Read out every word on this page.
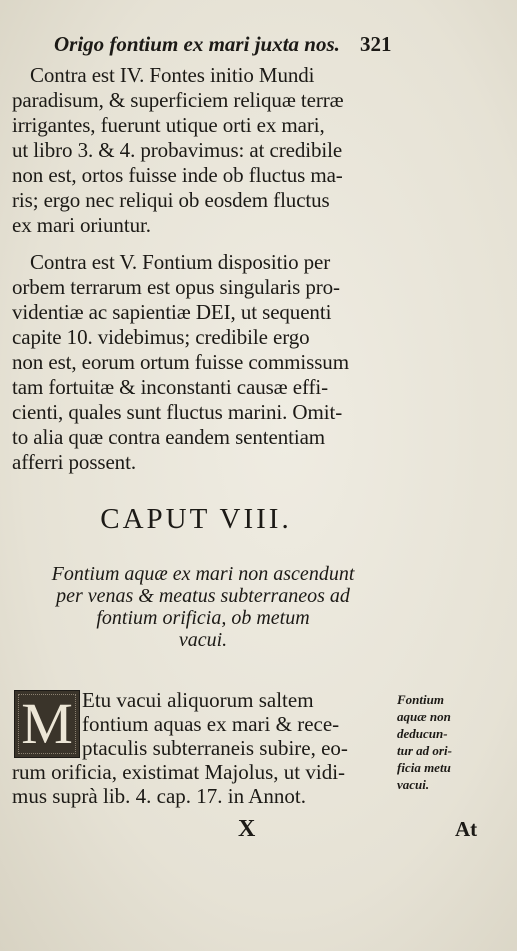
Origo fontium ex mari juxta nos. 321
Contra est IV. Fontes initio Mundi
paradisum, & superficiem reliquæ terræ
irrigantes, fuerunt utique orti ex mari,
ut libro 3. & 4. probavimus: at credibile
non est, ortos fuisse inde ob fluctus ma-
ris; ergo nec reliqui ob eosdem fluctus
ex mari oriuntur.
Contra est V. Fontium dispositio per
orbem terrarum est opus singularis pro-
videntiæ ac sapientiæ DEI, ut sequenti
capite 10. videbimus; credibile ergo
non est, eorum ortum fuisse commissum
tam fortuitæ & inconstanti causæ effi-
cienti, quales sunt fluctus marini. Omit-
to alia quæ contra eandem sententiam
afferri possent.
CAPUT VIII.
Fontium aquæ ex mari non ascendunt
per venas & meatus subterraneos ad
fontium orificia, ob metum
vacui.
M Etu vacui aliquorum saltem
fontium aquas ex mari & rece-
ptaculis subterraneis subire, eo-
rum orificia, existimat Majolus, ut vidi-
mus suprà lib. 4. cap. 17. in Annot.
Fontium
aquæ non
deducun-
tur ad ori-
ficia metu
vacui.
X	At
